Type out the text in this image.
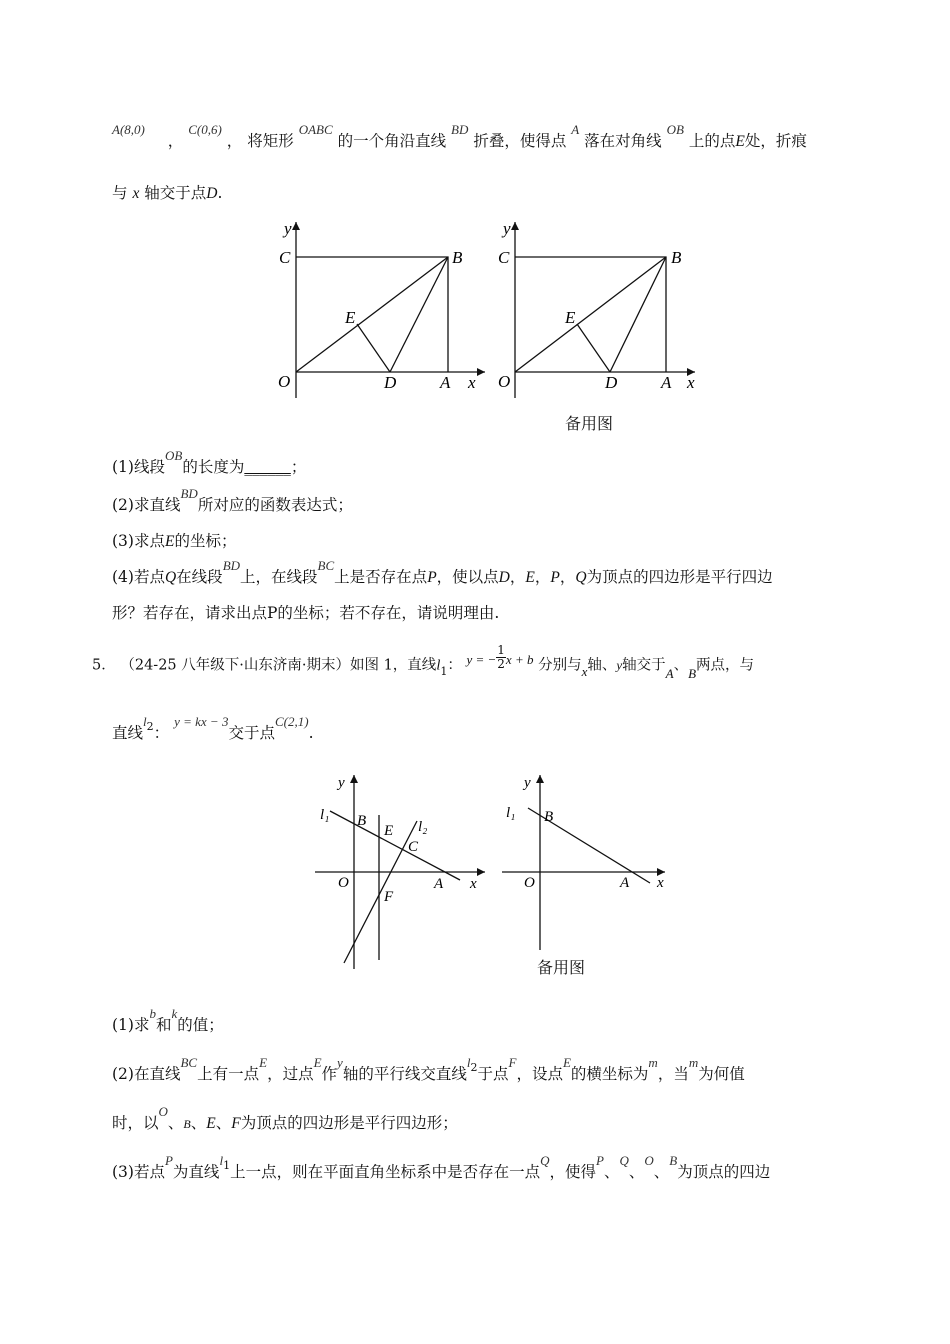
$^{A(8,0)}$ ， $^{C(0,6)}$ ， 将矩形 $^{OABC}$ 的一个角沿直线 $^{BD}$ 折叠，使得点 $^A$ 落在对角线 $^{OB}$ 上的点E处，折痕
与 x 轴交于点D.
y
C	B
E
O	D	A x
y
C	B
E
O	D	A x
备用图
(1)线段$^{OB}$的长度为______；
(2)求直线$^{BD}$所对应的函数表达式；
(3)求点E的坐标；
(4)若点Q在线段$^{BD}$上，在线段$^{BC}$上是否存在点P，使以点D，E，P，Q为顶点的四边形是平行四边
形？若存在，请求出点P的坐标；若不存在，请说明理由.
5． （24-25 八年级下·山东济南·期末）如图 1，直线$l_1$： y = − $\frac{1}{2}$ x + b 分别与x轴、y轴交于A、B两点，与
直线$^{l2}$： $^{y = kx - 3}$交于点$^{C(2,1)}$.
y
l₁ B
E l₂
C
O
F
A x
y
l₁ B
O	A x
备用图
(1)求$^b$和$^k$的值；
(2)在直线$^{BC}$上有一点$^E$，过点$^E$作$^y$轴的平行线交直线$^{l2}$于点$^F$，设点$^E$的横坐标为$^m$，当$^m$为何值
时，以$^O$、B、E、F为顶点的四边形是平行四边形；
(3)若点$^P$为直线$^{l1}$上一点，则在平面直角坐标系中是否存在一点$^Q$，使得$^P$、$^Q$、$^O$、$^B$为顶点的四边
